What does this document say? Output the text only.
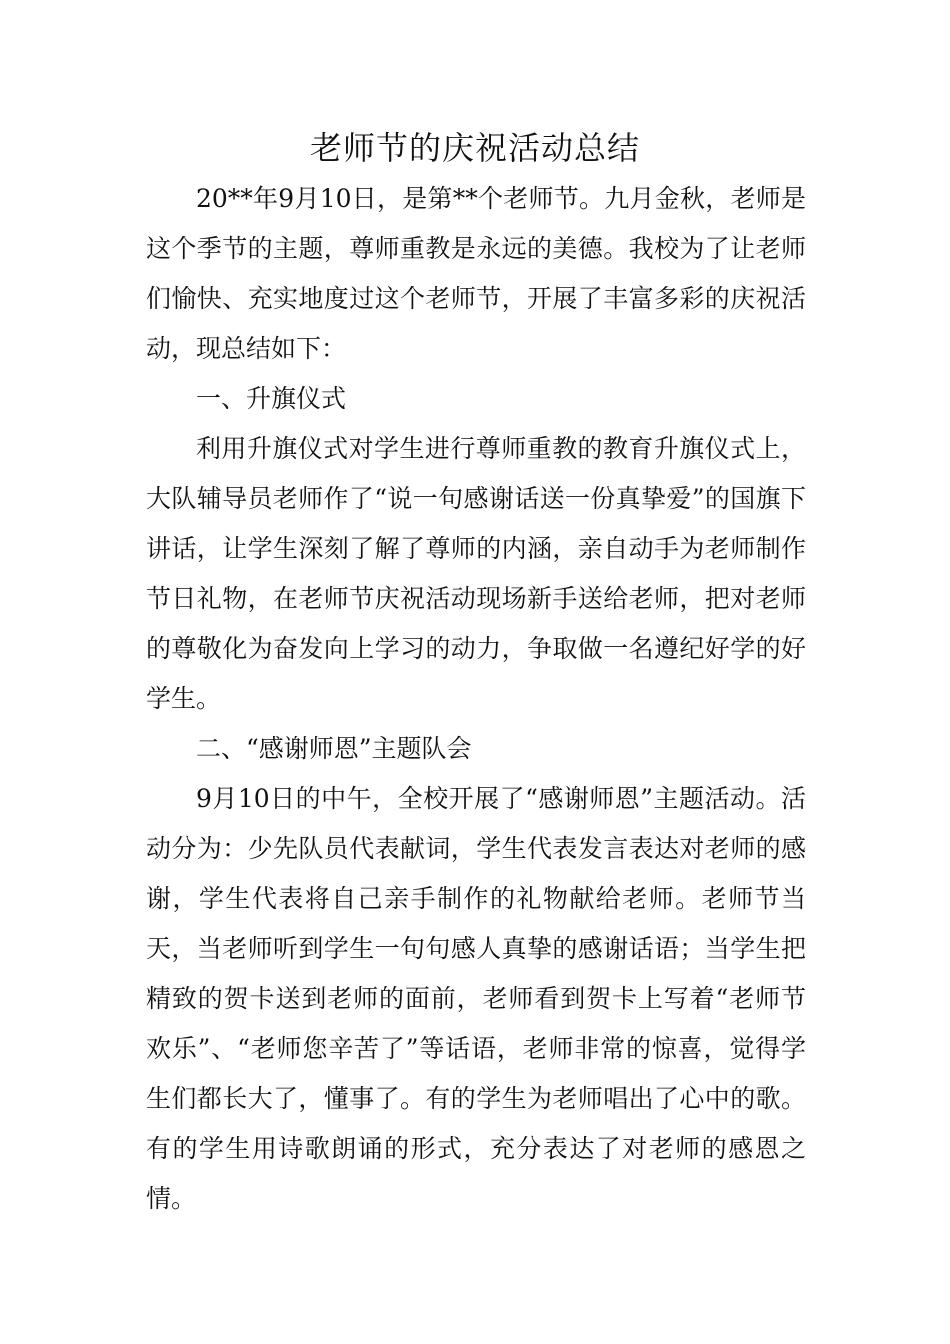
老师节的庆祝活动总结

20**年9月10日，是第**个老师节。九月金秋，老师是这个季节的主题，尊师重教是永远的美德。我校为了让老师们愉快、充实地度过这个老师节，开展了丰富多彩的庆祝活动，现总结如下：

一、升旗仪式

利用升旗仪式对学生进行尊师重教的教育升旗仪式上，大队辅导员老师作了“说一句感谢话送一份真挚爱”的国旗下讲话，让学生深刻了解了尊师的内涵，亲自动手为老师制作节日礼物，在老师节庆祝活动现场新手送给老师，把对老师的尊敬化为奋发向上学习的动力，争取做一名遵纪好学的好学生。

二、“感谢师恩”主题队会

9月10日的中午，全校开展了“感谢师恩”主题活动。活动分为：少先队员代表献词，学生代表发言表达对老师的感谢，学生代表将自己亲手制作的礼物献给老师。老师节当天，当老师听到学生一句句感人真挚的感谢话语；当学生把精致的贺卡送到老师的面前，老师看到贺卡上写着“老师节欢乐”、“老师您辛苦了”等话语，老师非常的惊喜，觉得学生们都长大了，懂事了。有的学生为老师唱出了心中的歌。有的学生用诗歌朗诵的形式，充分表达了对老师的感恩之情。
